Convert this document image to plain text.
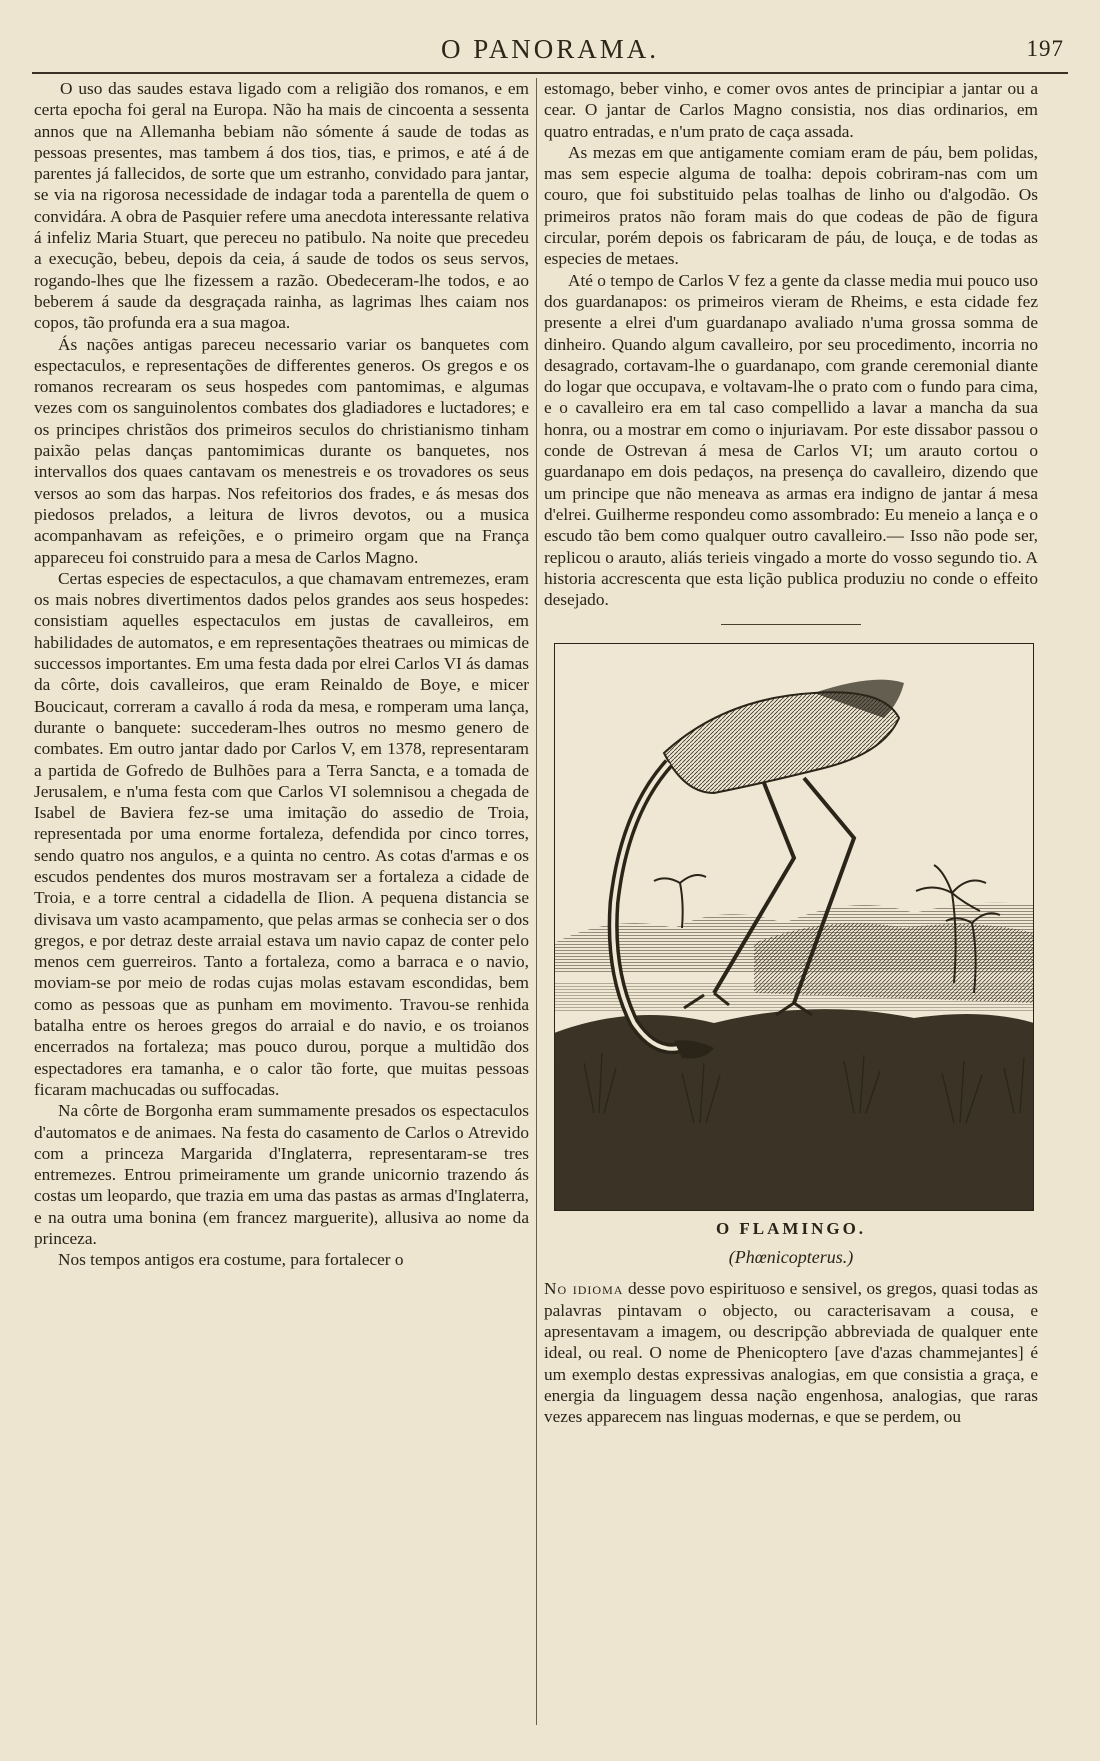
O PANORAMA.	197

O uso das saudes estava ligado com a religião dos romanos, e em certa epocha foi geral na Europa. Não ha mais de cincoenta a sessenta annos que na Allemanha bebiam não sómente á saude de todas as pessoas presentes, mas tambem á dos tios, tias, e primos, e até á de parentes já fallecidos, de sorte que um estranho, convidado para jantar, se via na rigorosa necessidade de indagar toda a parentella de quem o convidára. A obra de Pasquier refere uma anecdota interessante relativa á infeliz Maria Stuart, que pereceu no patibulo. Na noite que precedeu a execução, bebeu, depois da ceia, á saude de todos os seus servos, rogando-lhes que lhe fizessem a razão. Obedeceram-lhe todos, e ao beberem á saude da desgraçada rainha, as lagrimas lhes caiam nos copos, tão profunda era a sua magoa.

Ás nações antigas pareceu necessario variar os banquetes com espectaculos, e representações de differentes generos. Os gregos e os romanos recrearam os seus hospedes com pantomimas, e algumas vezes com os sanguinolentos combates dos gladiadores e luctadores; e os principes christãos dos primeiros seculos do christianismo tinham paixão pelas danças pantomimicas durante os banquetes, nos intervallos dos quaes cantavam os menestreis e os trovadores os seus versos ao som das harpas. Nos refeitorios dos frades, e ás mesas dos piedosos prelados, a leitura de livros devotos, ou a musica acompanhavam as refeições, e o primeiro orgam que na França appareceu foi construido para a mesa de Carlos Magno.

Certas especies de espectaculos, a que chamavam entremezes, eram os mais nobres divertimentos dados pelos grandes aos seus hospedes: consistiam aquelles espectaculos em justas de cavalleiros, em habilidades de automatos, e em representações theatraes ou mimicas de successos importantes. Em uma festa dada por elrei Carlos VI ás damas da côrte, dois cavalleiros, que eram Reinaldo de Boye, e micer Boucicaut, correram a cavallo á roda da mesa, e romperam uma lança, durante o banquete: succederam-lhes outros no mesmo genero de combates. Em outro jantar dado por Carlos V, em 1378, representaram a partida de Gofredo de Bulhões para a Terra Sancta, e a tomada de Jerusalem, e n'uma festa com que Carlos VI solemnisou a chegada de Isabel de Baviera fez-se uma imitação do assedio de Troia, representada por uma enorme fortaleza, defendida por cinco torres, sendo quatro nos angulos, e a quinta no centro. As cotas d'armas e os escudos pendentes dos muros mostravam ser a fortaleza a cidade de Troia, e a torre central a cidadella de Ilion. A pequena distancia se divisava um vasto acampamento, que pelas armas se conhecia ser o dos gregos, e por detraz deste arraial estava um navio capaz de conter pelo menos cem guerreiros. Tanto a fortaleza, como a barraca e o navio, moviam-se por meio de rodas cujas molas estavam escondidas, bem como as pessoas que as punham em movimento. Travou-se renhida batalha entre os heroes gregos do arraial e do navio, e os troianos encerrados na fortaleza; mas pouco durou, porque a multidão dos espectadores era tamanha, e o calor tão forte, que muitas pessoas ficaram machucadas ou suffocadas.

Na côrte de Borgonha eram summamente presados os espectaculos d'automatos e de animaes. Na festa do casamento de Carlos o Atrevido com a princeza Margarida d'Inglaterra, representaram-se tres entremezes. Entrou primeiramente um grande unicornio trazendo ás costas um leopardo, que trazia em uma das pastas as armas d'Inglaterra, e na outra uma bonina (em francez marguerite), allusiva ao nome da princeza.

Nos tempos antigos era costume, para fortalecer o

estomago, beber vinho, e comer ovos antes de principiar a jantar ou a cear. O jantar de Carlos Magno consistia, nos dias ordinarios, em quatro entradas, e n'um prato de caça assada.

As mezas em que antigamente comiam eram de páu, bem polidas, mas sem especie alguma de toalha: depois cobriram-nas com um couro, que foi substituido pelas toalhas de linho ou d'algodão. Os primeiros pratos não foram mais do que codeas de pão de figura circular, porém depois os fabricaram de páu, de louça, e de todas as especies de metaes.

Até o tempo de Carlos V fez a gente da classe media mui pouco uso dos guardanapos: os primeiros vieram de Rheims, e esta cidade fez presente a elrei d'um guardanapo avaliado n'uma grossa somma de dinheiro. Quando algum cavalleiro, por seu procedimento, incorria no desagrado, cortavam-lhe o guardanapo, com grande ceremonial diante do logar que occupava, e voltavam-lhe o prato com o fundo para cima, e o cavalleiro era em tal caso compellido a lavar a mancha da sua honra, ou a mostrar em como o injuriavam. Por este dissabor passou o conde de Ostrevan á mesa de Carlos VI; um arauto cortou o guardanapo em dois pedaços, na presença do cavalleiro, dizendo que um principe que não meneava as armas era indigno de jantar á mesa d'elrei. Guilherme respondeu como assombrado: Eu meneio a lança e o escudo tão bem como qualquer outro cavalleiro.— Isso não pode ser, replicou o arauto, aliás terieis vingado a morte do vosso segundo tio. A historia accrescenta que esta lição publica produziu no conde o effeito desejado.

O FLAMINGO.
(Phœnicopterus.)

No idioma desse povo espirituoso e sensivel, os gregos, quasi todas as palavras pintavam o objecto, ou caracterisavam a cousa, e apresentavam a imagem, ou descripção abbreviada de qualquer ente ideal, ou real. O nome de Phenicoptero [ave d'azas chammejantes] é um exemplo destas expressivas analogias, em que consistia a graça, e energia da linguagem dessa nação engenhosa, analogias, que raras vezes apparecem nas linguas modernas, e que se perdem, ou
